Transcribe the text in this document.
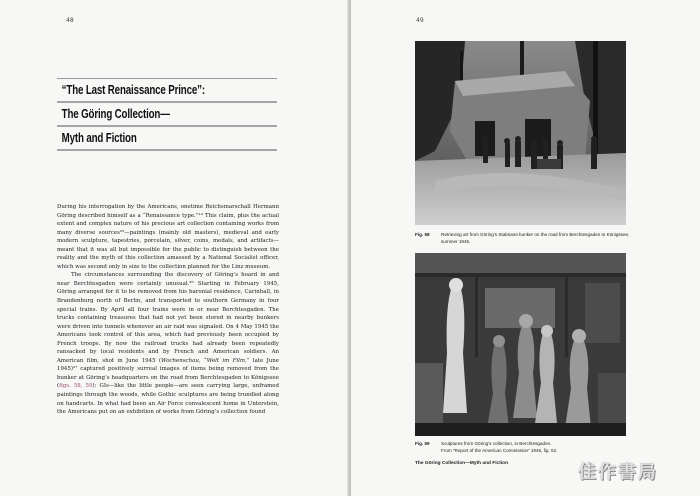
48
“The Last Renaissance Prince”:
The Göring Collection—
Myth and Fiction

During his interrogation by the Americans, onetime Reichsmarschall Hermann Göring described himself as a “Renaissance type.”¹⁴ This claim, plus the actual extent and complex nature of his precious art collection containing works from many diverse sources²⁵—paintings (mainly old masters), medieval and early modern sculpture, tapestries, porcelain, silver, coins, medals, and artifacts—meant that it was all but impossible for the public to distinguish between the reality and the myth of this collection amassed by a National Socialist officer, which was second only in size to the collection planned for the Linz museum.

The circumstances surrounding the discovery of Göring’s hoard in and near Berchtesgaden were certainly unusual.²⁶ Starting in February 1945, Göring arranged for it to be removed from his baronial residence, Carinhall, in Brandenburg north of Berlin, and transported to southern Germany in four special trains. By April all four trains were in or near Berchtesgaden. The trucks containing treasures that had not yet been stored in nearby bunkers were driven into tunnels whenever an air raid was signaled. On 4 May 1945 the Americans took control of this area, which had previously been occupied by French troops. By now the railroad trucks had already been repeatedly ransacked by local residents and by French and American soldiers. An American film, shot in June 1945 (Wochenschau, “Welt im Film,” late June 1945)²⁷ captured positively surreal images of items being removed from the bunker at Göring’s headquarters on the road from Berchtesgaden to Königssee (figs. 58, 59): GIs—like the little people—are seen carrying large, unframed paintings through the woods, while Gothic sculptures are being trundled along on handcarts. In what had been an Air Force convalescent home in Unterstein, the Americans put on an exhibition of works from Göring’s collection found

49
Fig. 58 Retrieving art from Göring’s Stabsamt bunker on the road from Berchtesgaden to Königssee, summer 1945.
Fig. 59 Sculptures from Göring’s collection, in Berchtesgaden.
From “Report of the American Commission” 1946, fig. 52.
The Göring Collection—Myth and Fiction	佳作書局
